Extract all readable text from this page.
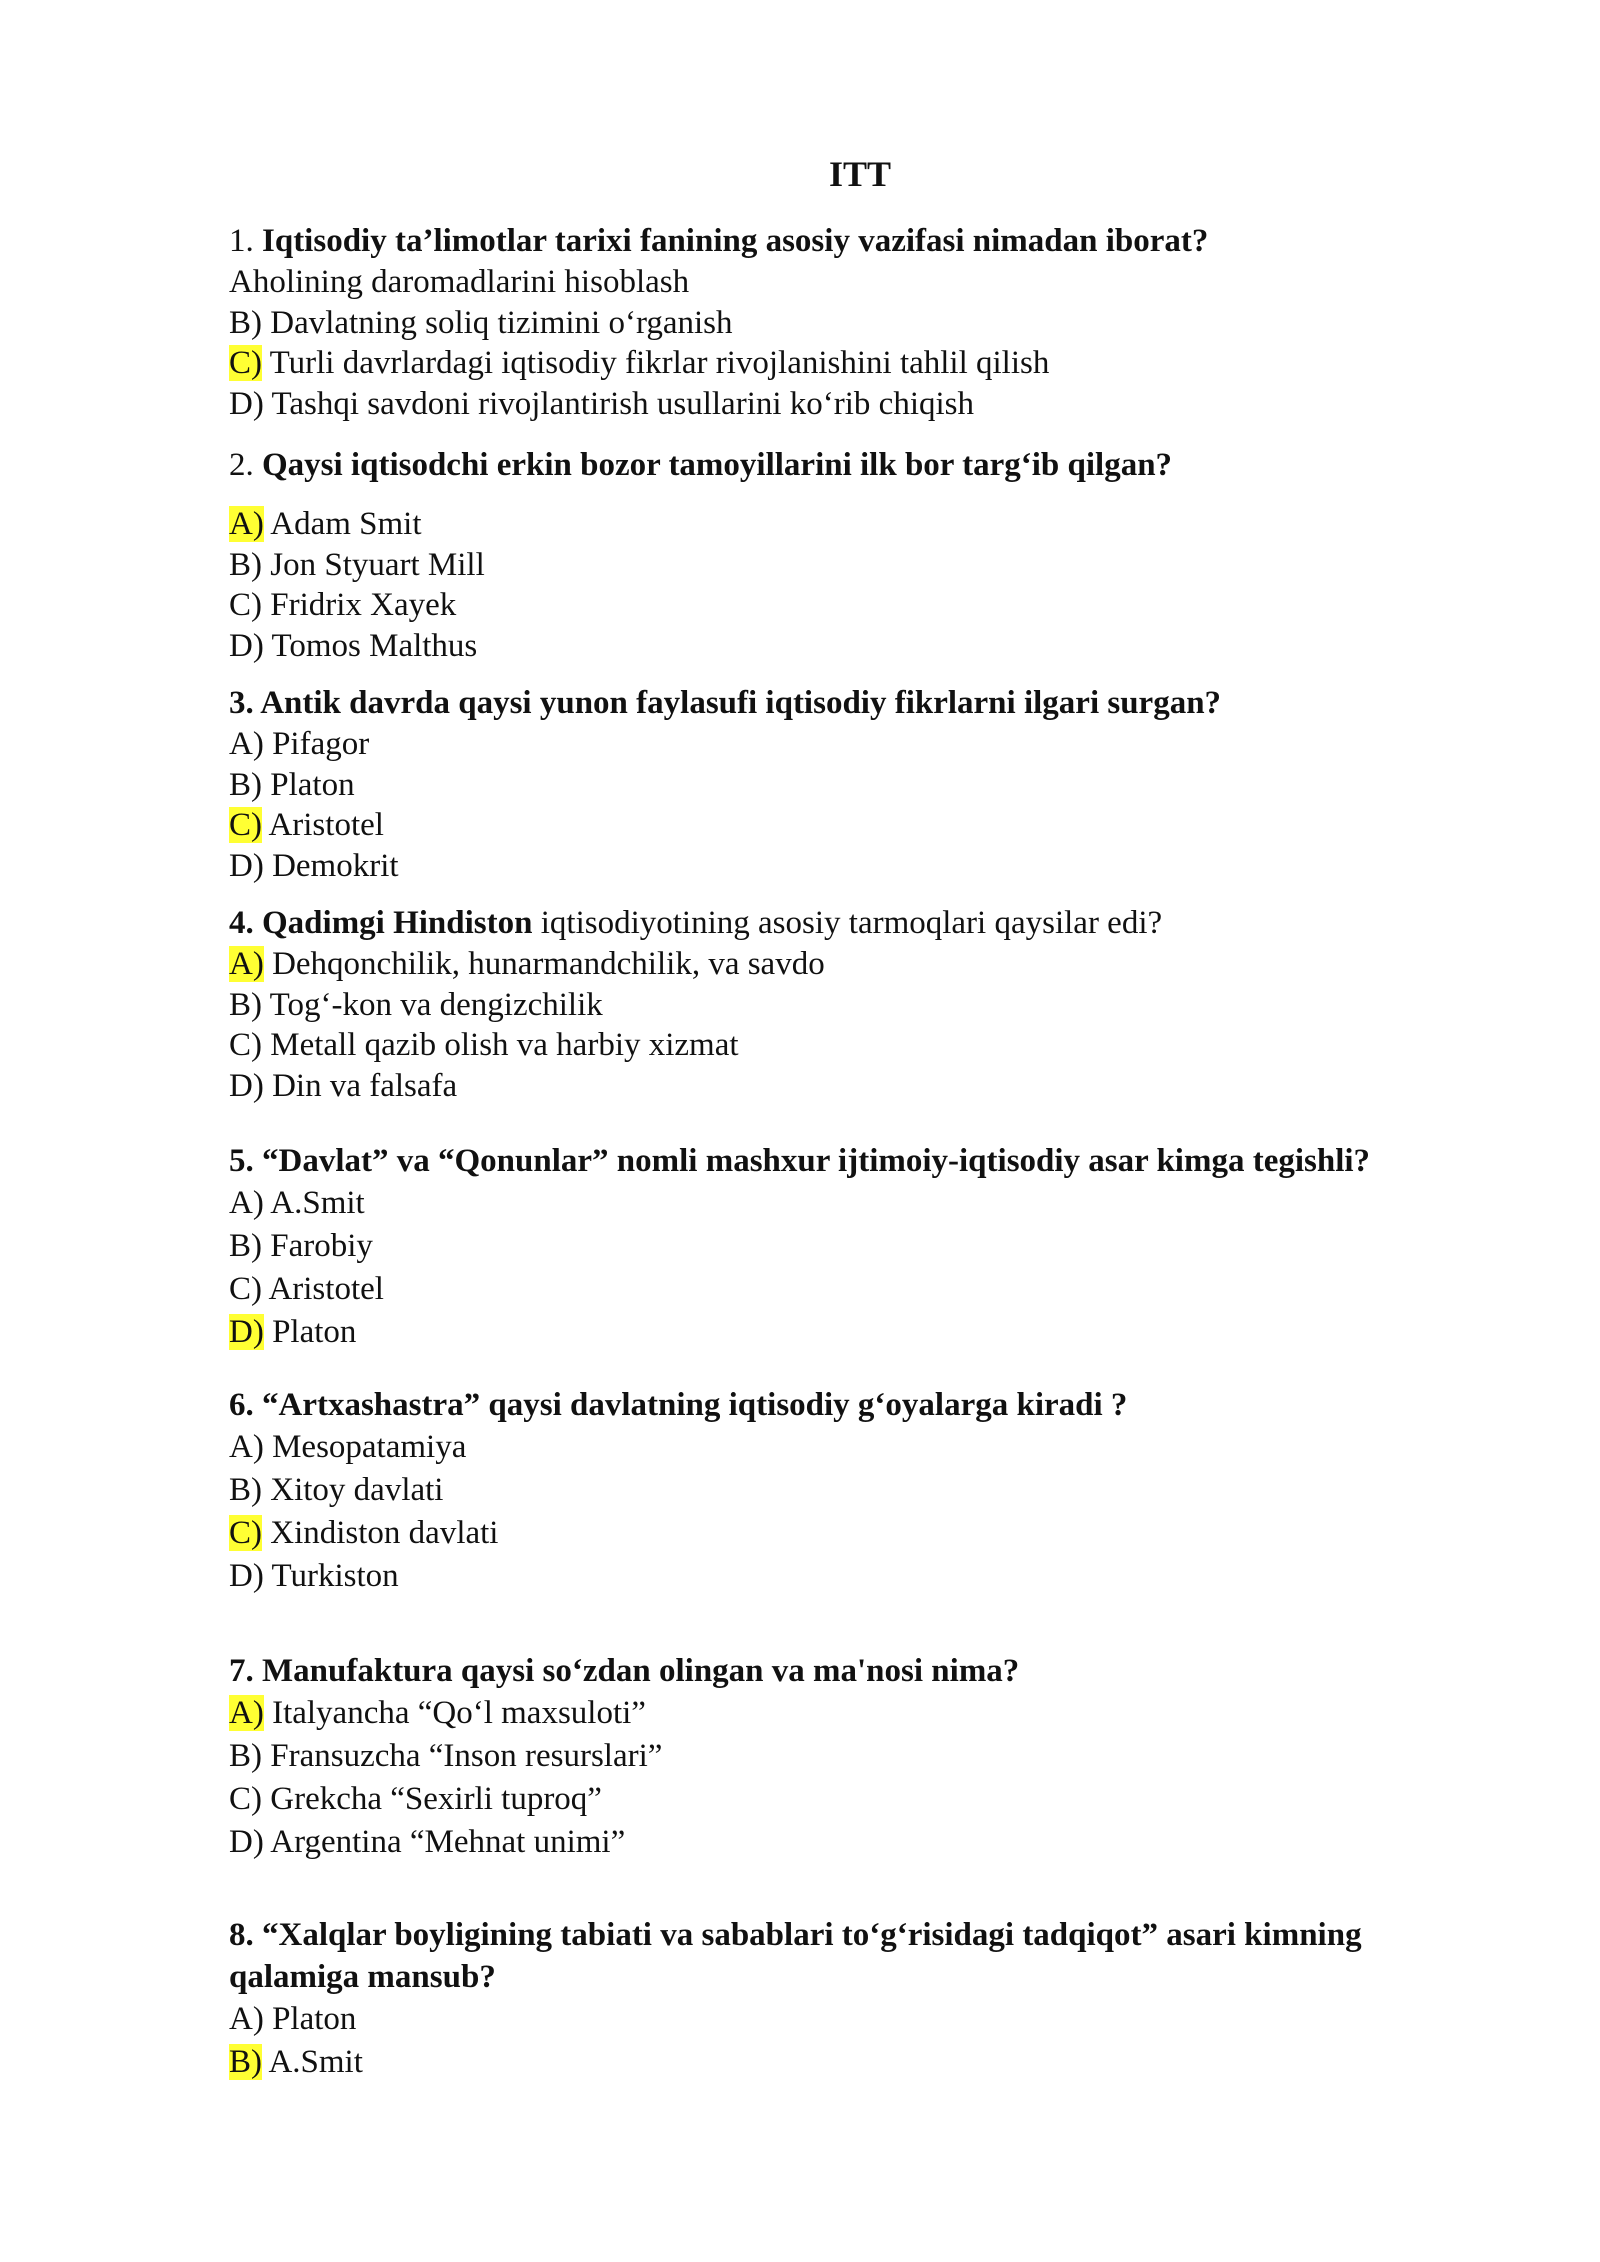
ITT
1. Iqtisodiy ta’limotlar tarixi fanining asosiy vazifasi nimadan iborat?
Aholining daromadlarini hisoblash
B) Davlatning soliq tizimini o‘rganish
C) Turli davrlardagi iqtisodiy fikrlar rivojlanishini tahlil qilish
D) Tashqi savdoni rivojlantirish usullarini ko‘rib chiqish
2. Qaysi iqtisodchi erkin bozor tamoyillarini ilk bor targ‘ib qilgan?
A) Adam Smit
B) Jon Styuart Mill
C) Fridrix Xayek
D) Tomos Malthus
3. Antik davrda qaysi yunon faylasufi iqtisodiy fikrlarni ilgari surgan?
A) Pifagor
B) Platon
C) Aristotel
D) Demokrit
4. Qadimgi Hindiston iqtisodiyotining asosiy tarmoqlari qaysilar edi?
A) Dehqonchilik, hunarmandchilik, va savdo
B) Tog‘-kon va dengizchilik
C) Metall qazib olish va harbiy xizmat
D) Din va falsafa
5. “Davlat” va “Qonunlar” nomli mashxur ijtimoiy-iqtisodiy asar kimga tegishli?
A) A.Smit
B) Farobiy
C) Aristotel
D) Platon
6. “Artxashastra” qaysi davlatning iqtisodiy g‘oyalarga kiradi ?
A) Mesopatamiya
B) Xitoy davlati
C) Xindiston davlati
D) Turkiston
7. Manufaktura qaysi so‘zdan olingan va ma'nosi nima?
A) Italyancha “Qo‘l maxsuloti”
B) Fransuzcha “Inson resurslari”
C) Grekcha “Sexirli tuproq”
D) Argentina “Mehnat unimi”
8. “Xalqlar boyligining tabiati va sabablari to‘g‘risidagi tadqiqot” asari kimning qalamiga mansub?
A) Platon
B) A.Smit
